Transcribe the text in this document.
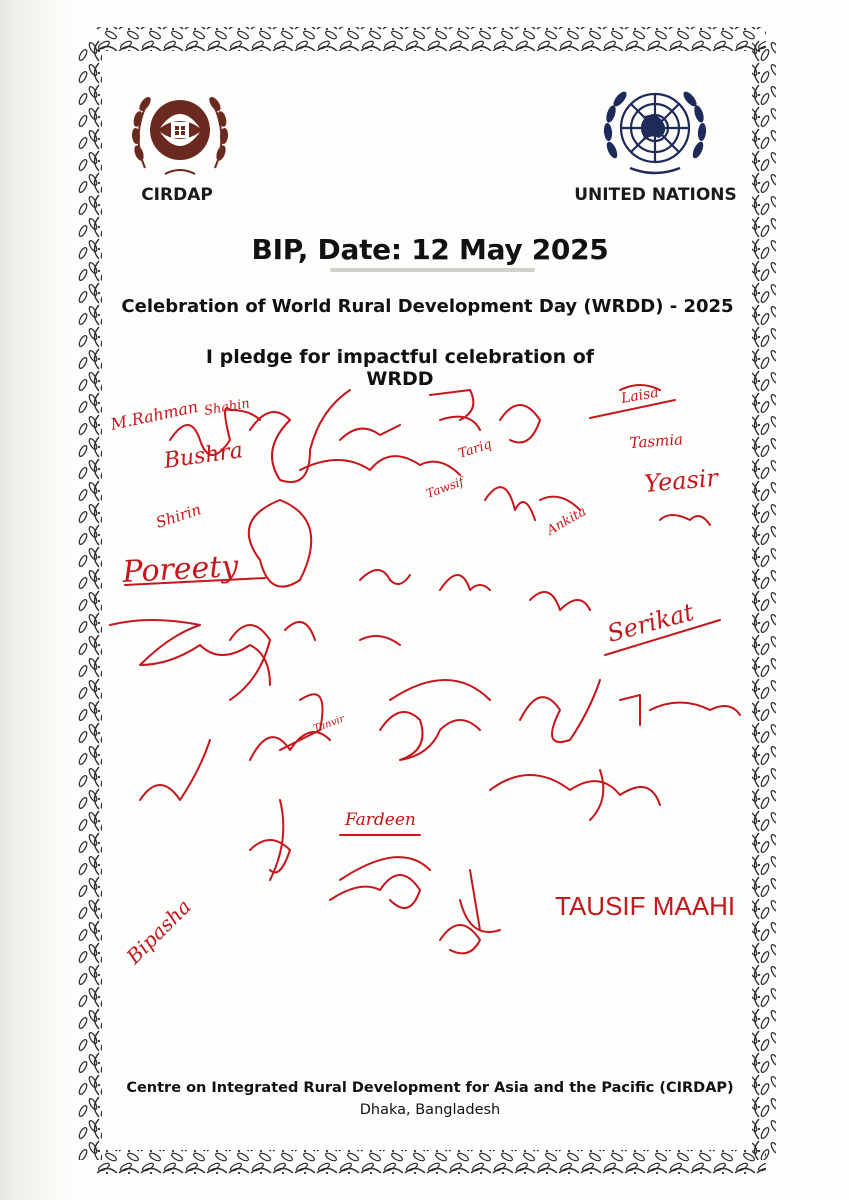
CIRDAP	UNITED NATIONS
BIP, Date: 12 May 2025
Celebration of World Rural Development Day (WRDD) - 2025
I pledge for impactful celebration of WRDD
M.Rahman Shahin
Bushra
Shirin
Poreety
Serikat
Fardeen
Bipasha	TAUSIF MAAHI
Tasmia
Yeasir
Tanvir
Ankita
Tawsif
Tariq
Laisa
Centre on Integrated Rural Development for Asia and the Pacific (CIRDAP)
Dhaka, Bangladesh
